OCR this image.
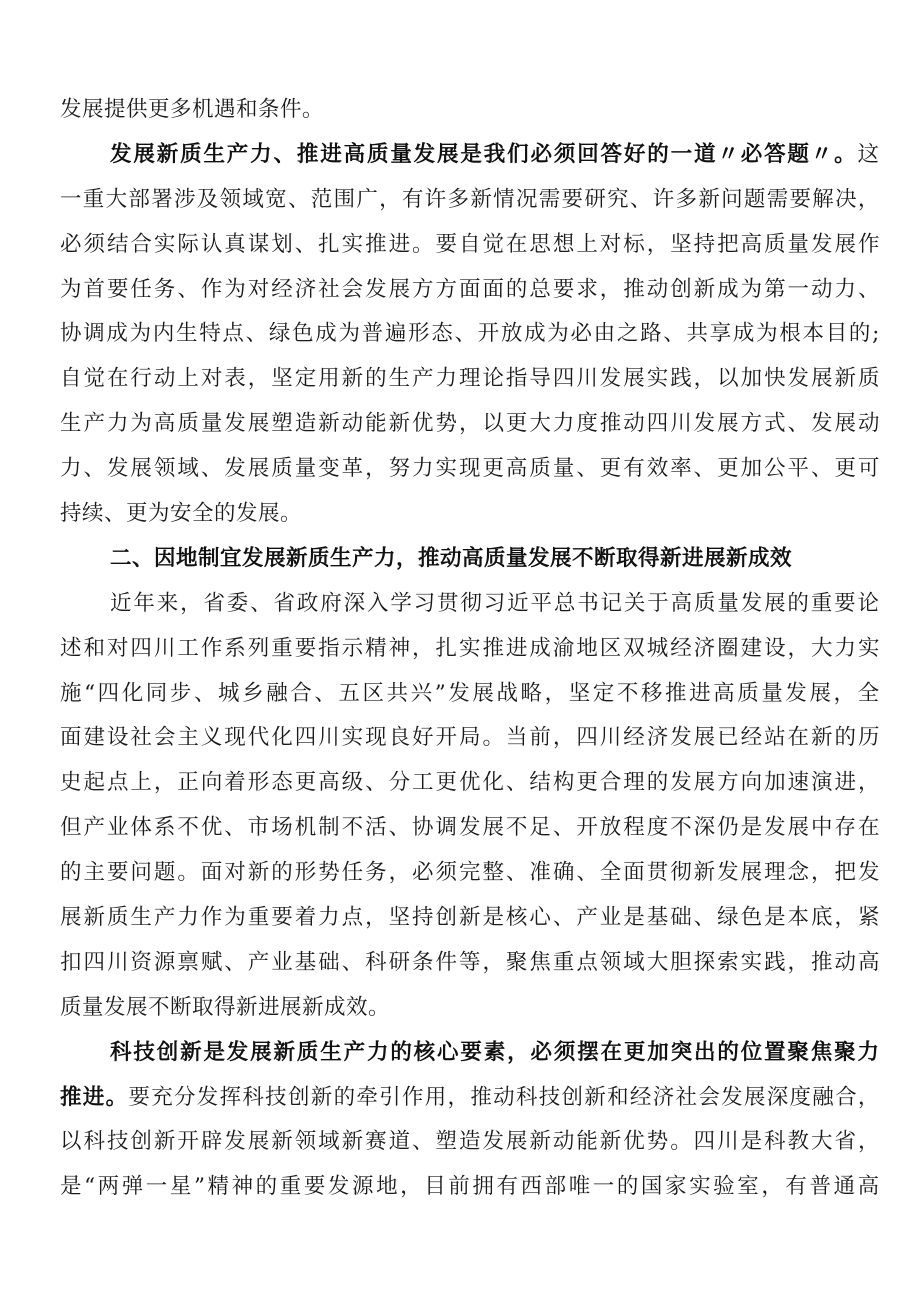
发展提供更多机遇和条件。
发 展 新 质 生 产 力 、 推 进 高 质 量 发 展 是 我 们 必 须 回 答 好 的 一 道 〃 必 答 题 〃 。 这
一 重 大 部 署 涉 及 领 域 宽 、 范 围 广 ， 有 许 多 新 情 况 需 要 研 究 、 许 多 新 问 题 需 要 解 决 ，
必 须 结 合 实 际 认 真 谋 划 、 扎 实 推 进 。 要 自 觉 在 思 想 上 对 标 ， 坚 持 把 高 质 量 发 展 作
为 首 要 任 务 、 作 为 对 经 济 社 会 发 展 方 方 面 面 的 总 要 求 ， 推 动 创 新 成 为 第 一 动 力 、
协 调 成 为 内 生 特 点 、 绿 色 成 为 普 遍 形 态 、 开 放 成 为 必 由 之 路 、 共 享 成 为 根 本 目 的 ;
自 觉 在 行 动 上 对 表 ， 坚 定 用 新 的 生 产 力 理 论 指 导 四 川 发 展 实 践 ， 以 加 快 发 展 新 质
生 产 力 为 高 质 量 发 展 塑 造 新 动 能 新 优 势 ， 以 更 大 力 度 推 动 四 川 发 展 方 式 、 发 展 动
力 、 发 展 领 域 、 发 展 质 量 变 革 ， 努 力 实 现 更 高 质 量 、 更 有 效 率 、 更 加 公 平 、 更 可
持续、更为安全的发展。
二、因地制宜发展新质生产力，推动高质量发展不断取得新进展新成效
近 年 来 ， 省 委 、 省 政 府 深 入 学 习 贯 彻 习 近 平 总 书 记 关 于 高 质 量 发 展 的 重 要 论
述 和 对 四 川 工 作 系 列 重 要 指 示 精 神 ， 扎 实 推 进 成 渝 地 区 双 城 经 济 圈 建 设 ， 大 力 实
施 “ 四 化 同 步 、 城 乡 融 合 、 五 区 共 兴 ” 发 展 战 略 ， 坚 定 不 移 推 进 高 质 量 发 展 ， 全
面 建 设 社 会 主 义 现 代 化 四 川 实 现 良 好 开 局 。 当 前 ， 四 川 经 济 发 展 已 经 站 在 新 的 历
史 起 点 上 ， 正 向 着 形 态 更 高 级 、 分 工 更 优 化 、 结 构 更 合 理 的 发 展 方 向 加 速 演 进 ，
但 产 业 体 系 不 优 、 市 场 机 制 不 活 、 协 调 发 展 不 足 、 开 放 程 度 不 深 仍 是 发 展 中 存 在
的 主 要 问 题 。 面 对 新 的 形 势 任 务 ， 必 须 完 整 、 准 确 、 全 面 贯 彻 新 发 展 理 念 ， 把 发
展 新 质 生 产 力 作 为 重 要 着 力 点 ， 坚 持 创 新 是 核 心 、 产 业 是 基 础 、 绿 色 是 本 底 ， 紧
扣 四 川 资 源 禀 赋 、 产 业 基 础 、 科 研 条 件 等 ， 聚 焦 重 点 领 域 大 胆 探 索 实 践 ， 推 动 高
质量发展不断取得新进展新成效。
科 技 创 新 是 发 展 新 质 生 产 力 的 核 心 要 素 ， 必 须 摆 在 更 加 突 出 的 位 置 聚 焦 聚 力
推 进 。 要 充 分 发 挥 科 技 创 新 的 牵 引 作 用 ， 推 动 科 技 创 新 和 经 济 社 会 发 展 深 度 融 合 ，
以 科 技 创 新 开 辟 发 展 新 领 域 新 赛 道 、 塑 造 发 展 新 动 能 新 优 势 。 四 川 是 科 教 大 省 ，
是 “ 两 弹 一 星 ” 精 神 的 重 要 发 源 地 ， 目 前 拥 有 西 部 唯 一 的 国 家 实 验 室 ， 有 普 通 高
